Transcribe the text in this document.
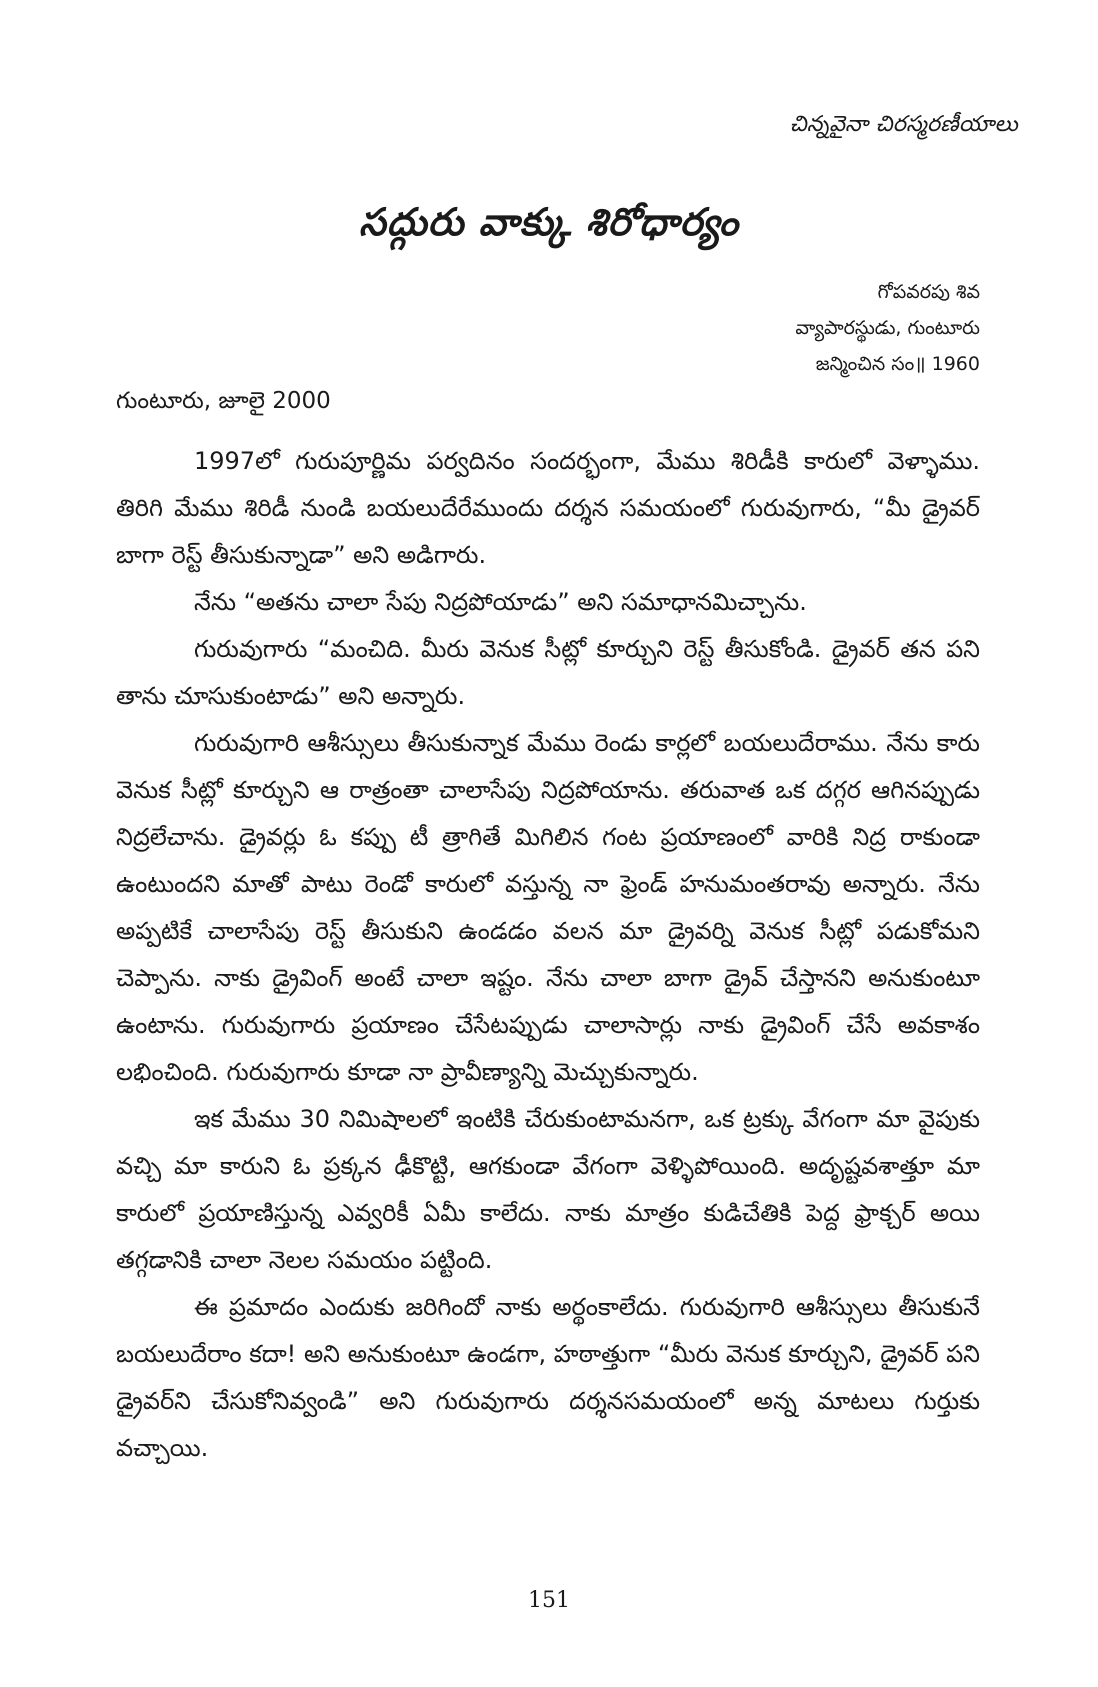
చిన్నవైనా చిరస్మరణీయాలు
సద్గురు వాక్కు శిరోధార్యం
గోపవరపు శివ
వ్యాపారస్థుడు, గుంటూరు
జన్మించిన సం॥ 1960
గుంటూరు, జూలై 2000

1997లో గురుపూర్ణిమ పర్వదినం సందర్భంగా, మేము శిరిడీకి కారులో వెళ్ళాము. తిరిగి మేము శిరిడీ నుండి బయలుదేరేముందు దర్శన సమయంలో గురువుగారు, “మీ డ్రైవర్ బాగా రెస్ట్ తీసుకున్నాడా” అని అడిగారు.

నేను “అతను చాలా సేపు నిద్రపోయాడు” అని సమాధానమిచ్చాను.

గురువుగారు “మంచిది. మీరు వెనుక సీట్లో కూర్చుని రెస్ట్ తీసుకోండి. డ్రైవర్ తన పని తాను చూసుకుంటాడు” అని అన్నారు.

గురువుగారి ఆశీస్సులు తీసుకున్నాక మేము రెండు కార్లలో బయలుదేరాము. నేను కారు వెనుక సీట్లో కూర్చుని ఆ రాత్రంతా చాలాసేపు నిద్రపోయాను. తరువాత ఒక దగ్గర ఆగినప్పుడు నిద్రలేచాను. డ్రైవర్లు ఓ కప్పు టీ త్రాగితే మిగిలిన గంట ప్రయాణంలో వారికి నిద్ర రాకుండా ఉంటుందని మాతో పాటు రెండో కారులో వస్తున్న నా ఫ్రెండ్ హనుమంతరావు అన్నారు. నేను అప్పటికే చాలాసేపు రెస్ట్ తీసుకుని ఉండడం వలన మా డ్రైవర్ని వెనుక సీట్లో పడుకోమని చెప్పాను. నాకు డ్రైవింగ్ అంటే చాలా ఇష్టం. నేను చాలా బాగా డ్రైవ్ చేస్తానని అనుకుంటూ ఉంటాను. గురువుగారు ప్రయాణం చేసేటప్పుడు చాలాసార్లు నాకు డ్రైవింగ్ చేసే అవకాశం లభించింది. గురువుగారు కూడా నా ప్రావీణ్యాన్ని మెచ్చుకున్నారు.

ఇక మేము 30 నిమిషాలలో ఇంటికి చేరుకుంటామనగా, ఒక ట్రక్కు వేగంగా మా వైపుకు వచ్చి మా కారుని ఓ ప్రక్కన ఢీకొట్టి, ఆగకుండా వేగంగా వెళ్ళిపోయింది. అదృష్టవశాత్తూ మా కారులో ప్రయాణిస్తున్న ఎవ్వరికీ ఏమీ కాలేదు. నాకు మాత్రం కుడిచేతికి పెద్ద ఫ్రాక్చర్ అయి తగ్గడానికి చాలా నెలల సమయం పట్టింది.

ఈ ప్రమాదం ఎందుకు జరిగిందో నాకు అర్థంకాలేదు. గురువుగారి ఆశీస్సులు తీసుకునే బయలుదేరాం కదా! అని అనుకుంటూ ఉండగా, హఠాత్తుగా “మీరు వెనుక కూర్చుని, డ్రైవర్ పని డ్రైవర్‌ని చేసుకోనివ్వండి” అని గురువుగారు దర్శనసమయంలో అన్న మాటలు గుర్తుకు వచ్చాయి.

151
